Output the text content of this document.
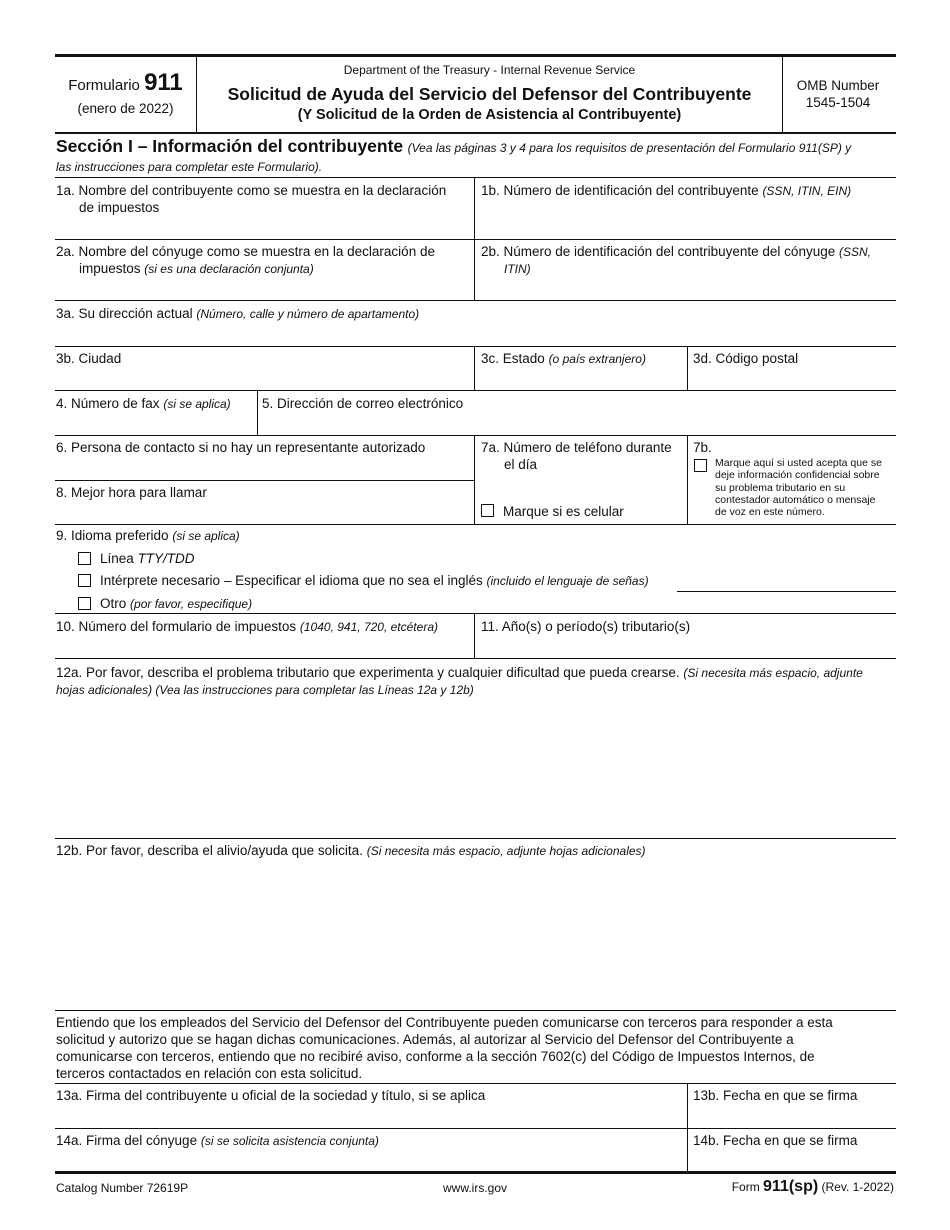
Formulario 911
(enero de 2022)
Department of the Treasury - Internal Revenue Service
Solicitud de Ayuda del Servicio del Defensor del Contribuyente
(Y Solicitud de la Orden de Asistencia al Contribuyente)
OMB Number
1545-1504
Sección I – Información del contribuyente (Vea las páginas 3 y 4 para los requisitos de presentación del Formulario 911(SP) y
las instrucciones para completar este Formulario).
1a. Nombre del contribuyente como se muestra en la declaración
de impuestos
1b. Número de identificación del contribuyente (SSN, ITIN, EIN)
2a. Nombre del cónyuge como se muestra en la declaración de
impuestos (si es una declaración conjunta)
2b. Número de identificación del contribuyente del cónyuge (SSN,
ITIN)
3a. Su dirección actual (Número, calle y número de apartamento)
3b. Ciudad	3c. Estado (o país extranjero)	3d. Código postal
4. Número de fax (si se aplica) 5. Dirección de correo electrónico
6. Persona de contacto si no hay un representante autorizado
8. Mejor hora para llamar
7a. Número de teléfono durante
el día
Marque si es celular
7b.
Marque aquí si usted acepta que se
deje información confidencial sobre
su problema tributario en su
contestador automático o mensaje
de voz en este número.
9. Idioma preferido (si se aplica)
Línea TTY/TDD
Intérprete necesario – Especificar el idioma que no sea el inglés (incluido el lenguaje de señas)
Otro (por favor, especifique)
10. Número del formulario de impuestos (1040, 941, 720, etcétera)	11. Año(s) o período(s) tributario(s)
12a. Por favor, describa el problema tributario que experimenta y cualquier dificultad que pueda crearse. (Si necesita más espacio, adjunte
hojas adicionales) (Vea las instrucciones para completar las Líneas 12a y 12b)
12b. Por favor, describa el alivio/ayuda que solicita. (Si necesita más espacio, adjunte hojas adicionales)
Entiendo que los empleados del Servicio del Defensor del Contribuyente pueden comunicarse con terceros para responder a esta
solicitud y autorizo que se hagan dichas comunicaciones. Además, al autorizar al Servicio del Defensor del Contribuyente a
comunicarse con terceros, entiendo que no recibiré aviso, conforme a la sección 7602(c) del Código de Impuestos Internos, de
terceros contactados en relación con esta solicitud.
13a. Firma del contribuyente u oficial de la sociedad y título, si se aplica	13b. Fecha en que se firma
14a. Firma del cónyuge (si se solicita asistencia conjunta)	14b. Fecha en que se firma
Catalog Number 72619P	www.irs.gov	Form 911(sp) (Rev. 1-2022)
